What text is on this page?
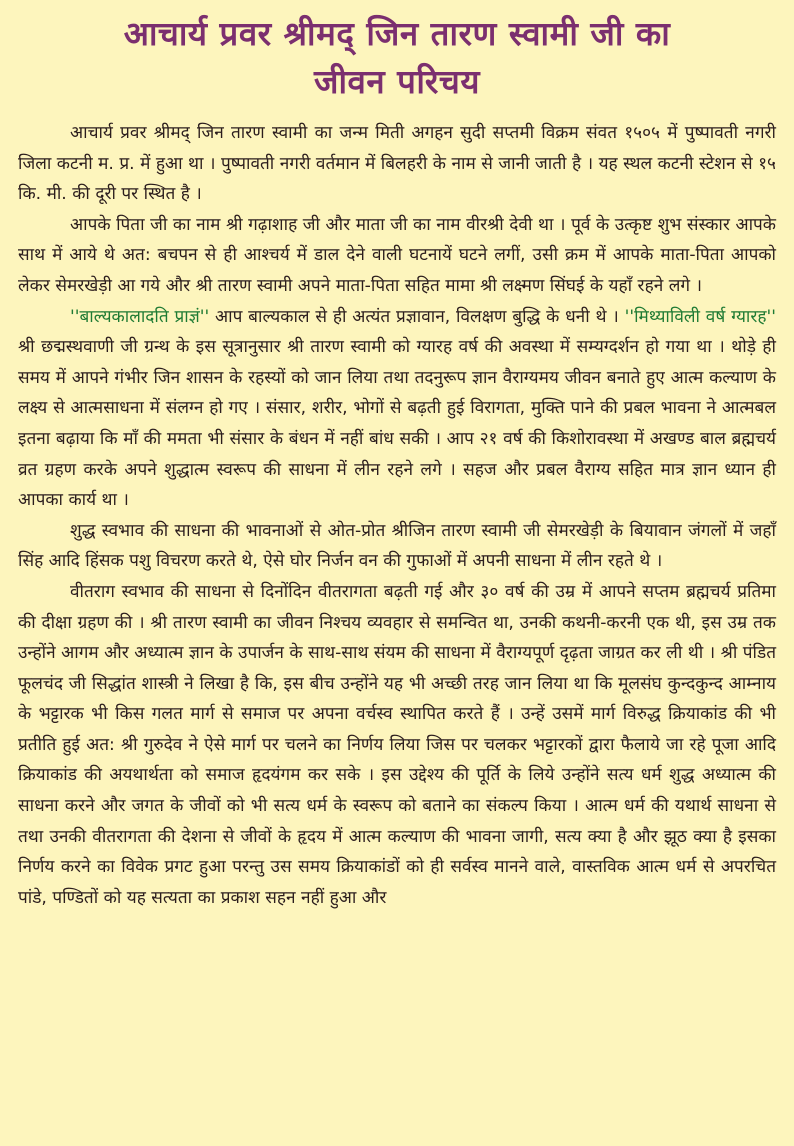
आचार्य प्रवर श्रीमद् जिन तारण स्वामी जी का
जीवन परिचय

आचार्य प्रवर श्रीमद् जिन तारण स्वामी का जन्म मिती अगहन सुदी सप्तमी विक्रम संवत १५०५ में पुष्पावती नगरी जिला कटनी म. प्र. में हुआ था । पुष्पावती नगरी वर्तमान में बिलहरी के नाम से जानी जाती है । यह स्थल कटनी स्टेशन से १५ कि. मी. की दूरी पर स्थित है ।

आपके पिता जी का नाम श्री गढ़ाशाह जी और माता जी का नाम वीरश्री देवी था । पूर्व के उत्कृष्ट शुभ संस्कार आपके साथ में आये थे अत: बचपन से ही आश्चर्य में डाल देने वाली घटनायें घटने लगीं, उसी क्रम में आपके माता-पिता आपको लेकर सेमरखेड़ी आ गये और श्री तारण स्वामी अपने माता-पिता सहित मामा श्री लक्ष्मण सिंघई के यहाँ रहने लगे ।

''बाल्यकालादति प्राज्ञं'' आप बाल्यकाल से ही अत्यंत प्रज्ञावान, विलक्षण बुद्धि के धनी थे । ''मिथ्याविली वर्ष ग्यारह'' श्री छद्मस्थवाणी जी ग्रन्थ के इस सूत्रानुसार श्री तारण स्वामी को ग्यारह वर्ष की अवस्था में सम्यग्दर्शन हो गया था । थोड़े ही समय में आपने गंभीर जिन शासन के रहस्यों को जान लिया तथा तदनुरूप ज्ञान वैराग्यमय जीवन बनाते हुए आत्म कल्याण के लक्ष्य से आत्मसाधना में संलग्न हो गए । संसार, शरीर, भोगों से बढ़ती हुई विरागता, मुक्ति पाने की प्रबल भावना ने आत्मबल इतना बढ़ाया कि माँ की ममता भी संसार के बंधन में नहीं बांध सकी । आप २१ वर्ष की किशोरावस्था में अखण्ड बाल ब्रह्मचर्य व्रत ग्रहण करके अपने शुद्धात्म स्वरूप की साधना में लीन रहने लगे । सहज और प्रबल वैराग्य सहित मात्र ज्ञान ध्यान ही आपका कार्य था ।

शुद्ध स्वभाव की साधना की भावनाओं से ओत-प्रोत श्रीजिन तारण स्वामी जी सेमरखेड़ी के बियावान जंगलों में जहाँ सिंह आदि हिंसक पशु विचरण करते थे, ऐसे घोर निर्जन वन की गुफाओं में अपनी साधना में लीन रहते थे ।

वीतराग स्वभाव की साधना से दिनोंदिन वीतरागता बढ़ती गई और ३० वर्ष की उम्र में आपने सप्तम ब्रह्मचर्य प्रतिमा की दीक्षा ग्रहण की । श्री तारण स्वामी का जीवन निश्चय व्यवहार से समन्वित था, उनकी कथनी-करनी एक थी, इस उम्र तक उन्होंने आगम और अध्यात्म ज्ञान के उपार्जन के साथ-साथ संयम की साधना में वैराग्यपूर्ण दृढ़ता जाग्रत कर ली थी । श्री पंडित फूलचंद जी सिद्धांत शास्त्री ने लिखा है कि, इस बीच उन्होंने यह भी अच्छी तरह जान लिया था कि मूलसंघ कुन्दकुन्द आम्नाय के भट्टारक भी किस गलत मार्ग से समाज पर अपना वर्चस्व स्थापित करते हैं । उन्हें उसमें मार्ग विरुद्ध क्रियाकांड की भी प्रतीति हुई अत: श्री गुरुदेव ने ऐसे मार्ग पर चलने का निर्णय लिया जिस पर चलकर भट्टारकों द्वारा फैलाये जा रहे पूजा आदि क्रियाकांड की अयथार्थता को समाज हृदयंगम कर सके । इस उद्देश्य की पूर्ति के लिये उन्होंने सत्य धर्म शुद्ध अध्यात्म की साधना करने और जगत के जीवों को भी सत्य धर्म के स्वरूप को बताने का संकल्प किया । आत्म धर्म की यथार्थ साधना से तथा उनकी वीतरागता की देशना से जीवों के हृदय में आत्म कल्याण की भावना जागी, सत्य क्या है और झूठ क्या है इसका निर्णय करने का विवेक प्रगट हुआ परन्तु उस समय क्रियाकांडों को ही सर्वस्व मानने वाले, वास्तविक आत्म धर्म से अपरचित पांडे, पण्डितों को यह सत्यता का प्रकाश सहन नहीं हुआ और
